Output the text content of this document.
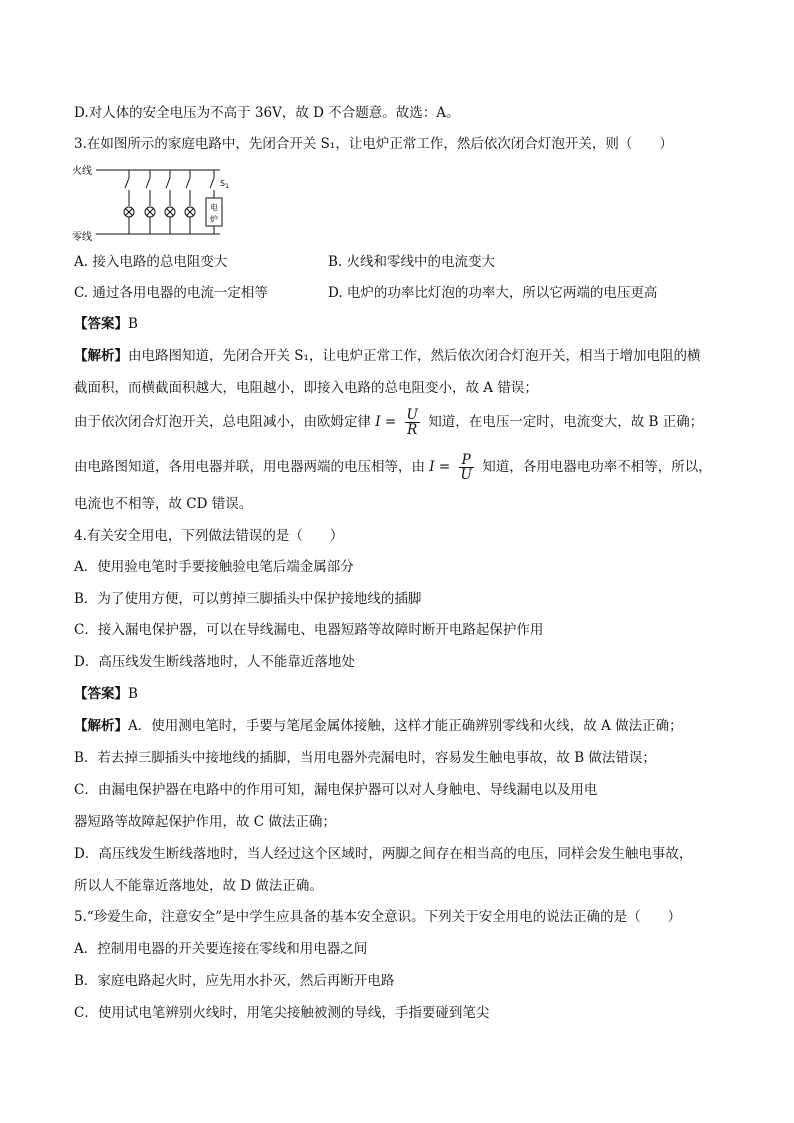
D.对人体的安全电压为不高于 36V，故 D 不合题意。故选：A。
3.在如图所示的家庭电路中，先闭合开关 S₁，让电炉正常工作，然后依次闭合灯泡开关，则（　　）
火线
零线
$S_1$
电
炉
A. 接入电路的总电阻变大	B. 火线和零线中的电流变大
C. 通过各用电器的电流一定相等	D. 电炉的功率比灯泡的功率大，所以它两端的电压更高
【答案】B
【解析】由电路图知道，先闭合开关 S₁，让电炉正常工作，然后依次闭合灯泡开关，相当于增加电阻的横
截面积，而横截面积越大，电阻越小，即接入电路的总电阻变小，故 A 错误；
由于依次闭合灯泡开关，总电阻减小，由欧姆定律 $I = \frac{U}{R}$ 知道，在电压一定时，电流变大，故 B 正确；
由电路图知道，各用电器并联，用电器两端的电压相等，由 $I = \frac{P}{U}$ 知道，各用电器电功率不相等，所以，
电流也不相等，故 CD 错误。
4.有关安全用电，下列做法错误的是（　　）
A．使用验电笔时手要接触验电笔后端金属部分
B．为了使用方便，可以剪掉三脚插头中保护接地线的插脚
C．接入漏电保护器，可以在导线漏电、电器短路等故障时断开电路起保护作用
D．高压线发生断线落地时，人不能靠近落地处
【答案】B
【解析】A．使用测电笔时，手要与笔尾金属体接触，这样才能正确辨别零线和火线，故 A 做法正确；
B．若去掉三脚插头中接地线的插脚，当用电器外壳漏电时，容易发生触电事故，故 B 做法错误；
C．由漏电保护器在电路中的作用可知，漏电保护器可以对人身触电、导线漏电以及用电
器短路等故障起保护作用，故 C 做法正确；
D．高压线发生断线落地时，当人经过这个区域时，两脚之间存在相当高的电压，同样会发生触电事故，
所以人不能靠近落地处，故 D 做法正确。
5.“珍爱生命，注意安全”是中学生应具备的基本安全意识。下列关于安全用电的说法正确的是（　　）
A．控制用电器的开关要连接在零线和用电器之间
B．家庭电路起火时，应先用水扑灭，然后再断开电路
C．使用试电笔辨别火线时，用笔尖接触被测的导线，手指要碰到笔尖
